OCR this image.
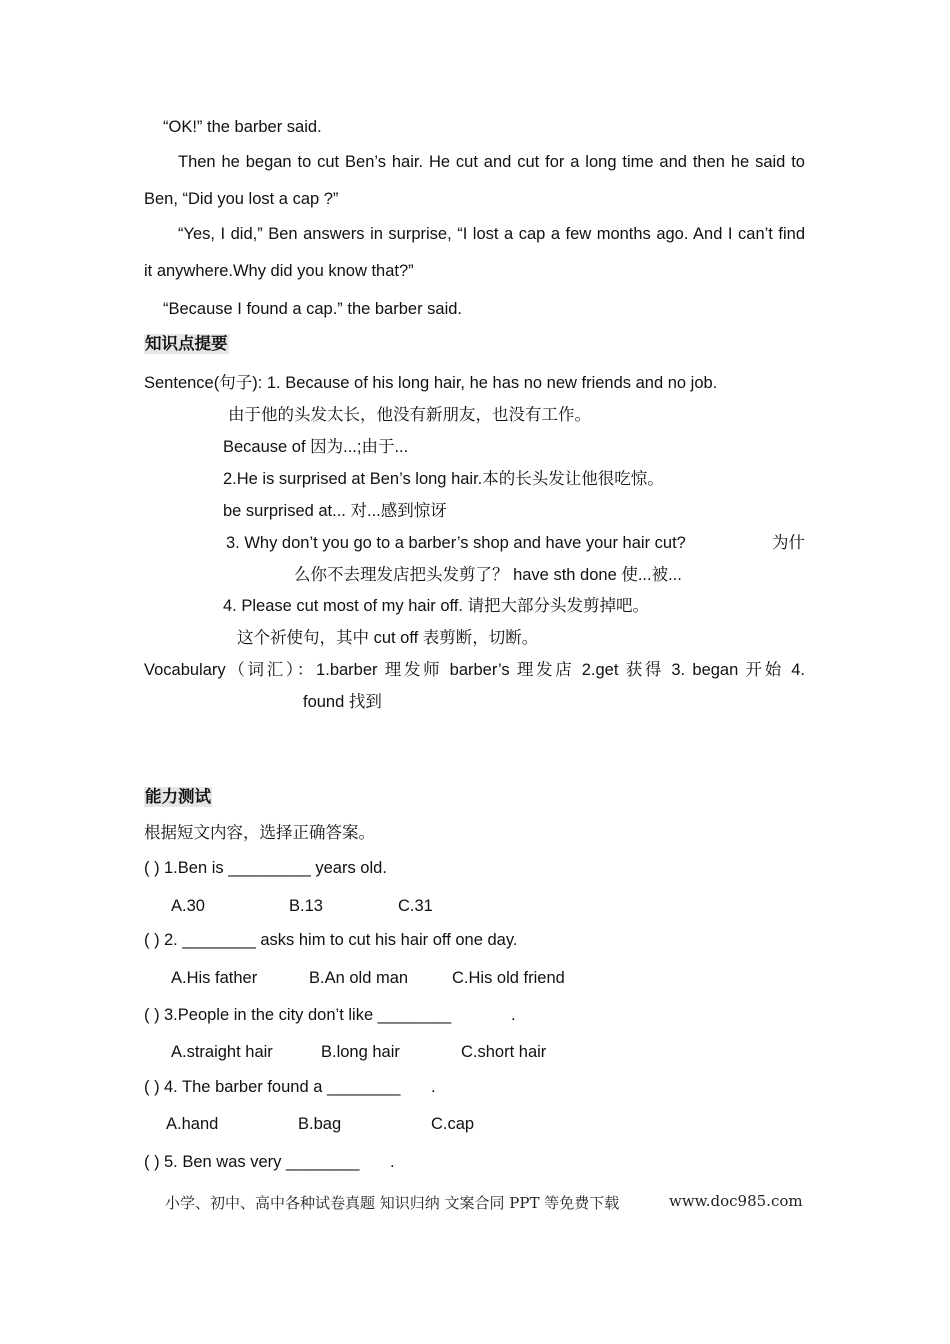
“OK!” the barber said.
Then he began to cut Ben’s hair. He cut and cut for a long time and then he said to
Ben, “Did you lost a cap ?”
“Yes, I did,” Ben answers in surprise, “I lost a cap a few months ago. And I can’t find
it anywhere.Why did you know that?”
“Because I found a cap.” the barber said.
知识点提要
Sentence(句子): 1. Because of his long hair, he has no new friends and no job.
由于他的头发太长，他没有新朋友，也没有工作。
Because of 因为...;由于...
2.He is surprised at Ben’s long hair.本的长头发让他很吃惊。
be surprised at... 对...感到惊讶
3. Why don’t you go to a barber’s shop and have your hair cut?	为什
么你不去理发店把头发剪了？ have sth done 使...被...
4. Please cut most of my hair off. 请把大部分头发剪掉吧。
这个祈使句，其中 cut off 表剪断，切断。
Vocabulary（词汇）：1.barber 理发师 barber’s 理发店 2.get 获得 3. began 开始 4.
found 找到
能力测试
根据短文内容，选择正确答案。
( ) 1.Ben is _________ years old.
A.30	B.13	C.31
( ) 2. ________ asks him to cut his hair off one day.
A.His father	B.An old man	C.His old friend
( ) 3.People in the city don’t like ________	.
A.straight hair	B.long hair	C.short hair
( ) 4. The barber found a ________ .
A.hand	B.bag	C.cap
( ) 5. Ben was very ________ .
小学、初中、高中各种试卷真题 知识归纳 文案合同 PPT 等免费下载	www.doc985.com
